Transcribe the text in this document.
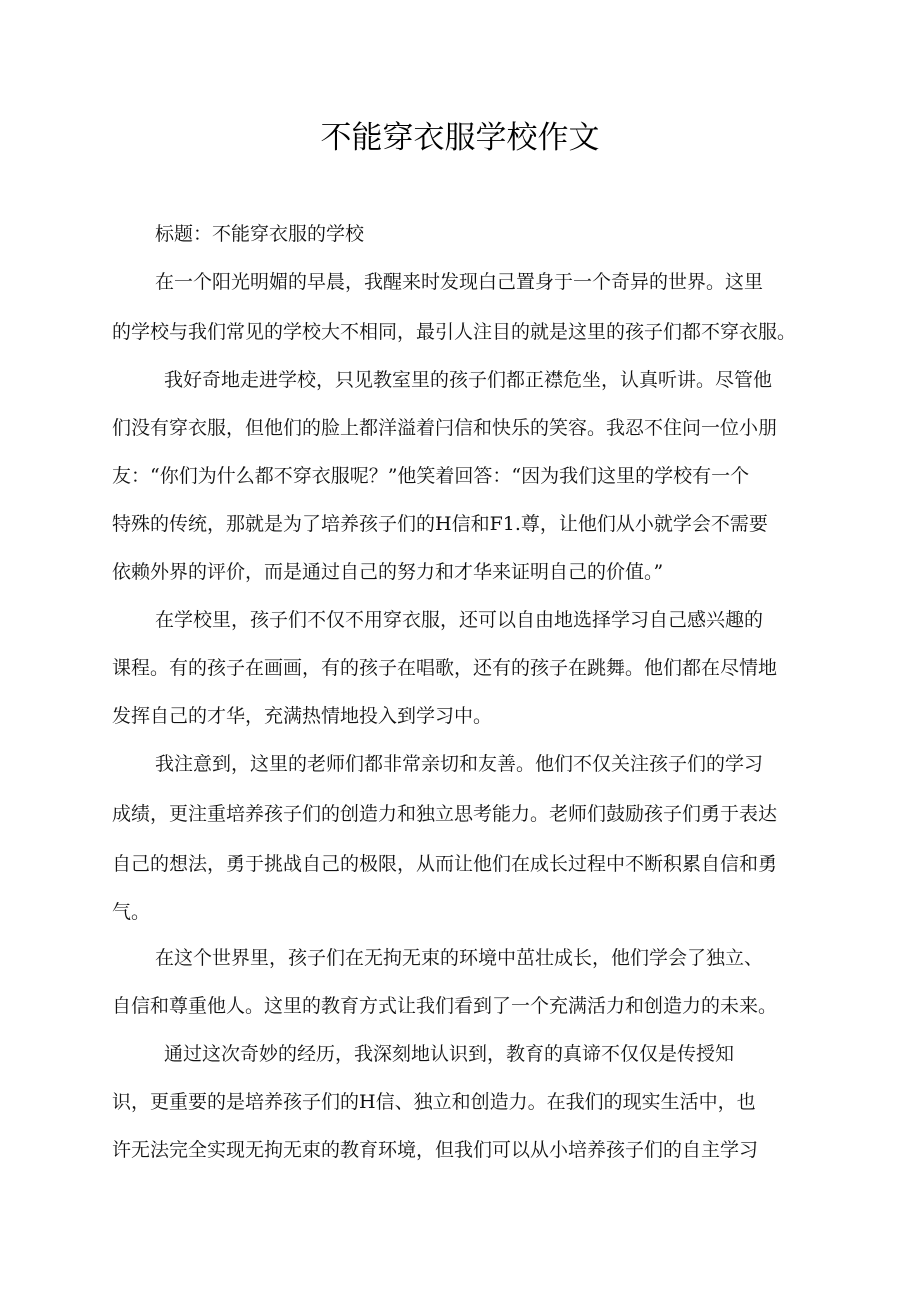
不能穿衣服学校作文

标题：不能穿衣服的学校

在一个阳光明媚的早晨，我醒来时发现白己置身于一个奇异的世界。这里

的学校与我们常见的学校大不相同，最引人注目的就是这里的孩子们都不穿衣服。

我好奇地走进学校，只见教室里的孩子们都正襟危坐，认真听讲。尽管他

们没有穿衣服，但他们的脸上都洋溢着闩信和快乐的笑容。我忍不住问一位小朋

友：“你们为什么都不穿衣服呢？”他笑着回答：“因为我们这里的学校有一个

特殊的传统，那就是为了培养孩子们的H信和F1.尊，让他们从小就学会不需要

依赖外界的评价，而是通过自己的努力和才华来证明自己的价值。”

在学校里，孩子们不仅不用穿衣服，还可以自由地选择学习自己感兴趣的

课程。有的孩子在画画，有的孩子在唱歌，还有的孩子在跳舞。他们都在尽情地

发挥自己的才华，充满热情地投入到学习中。

我注意到，这里的老师们都非常亲切和友善。他们不仅关注孩子们的学习

成绩，更注重培养孩子们的创造力和独立思考能力。老师们鼓励孩子们勇于表达

自己的想法，勇于挑战自己的极限，从而让他们在成长过程中不断积累自信和勇

气。

在这个世界里，孩子们在无拘无束的环境中茁壮成长，他们学会了独立、

自信和尊重他人。这里的教育方式让我们看到了一个充满活力和创造力的未来。

通过这次奇妙的经历，我深刻地认识到，教育的真谛不仅仅是传授知

识，更重要的是培养孩子们的H信、独立和创造力。在我们的现实生活中，也

许无法完全实现无拘无束的教育环境，但我们可以从小培养孩子们的自主学习
